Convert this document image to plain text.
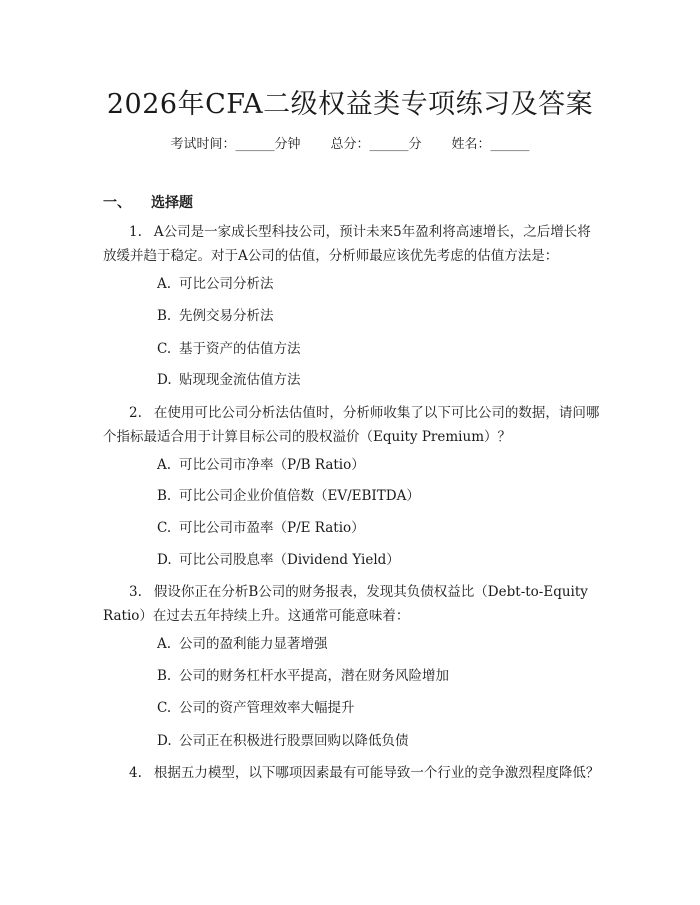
2026年CFA二级权益类专项练习及答案
考试时间：______分钟 总分：______分 姓名：______
一、 选择题
1. A公司是一家成长型科技公司，预计未来5年盈利将高速增长，之后增长将放缓并趋于稳定。对于A公司的估值，分析师最应该优先考虑的估值方法是：
A. 可比公司分析法
B. 先例交易分析法
C. 基于资产的估值方法
D. 贴现现金流估值方法
2. 在使用可比公司分析法估值时，分析师收集了以下可比公司的数据，请问哪个指标最适合用于计算目标公司的股权溢价（Equity Premium）？
A. 可比公司市净率（P/B Ratio）
B. 可比公司企业价值倍数（EV/EBITDA）
C. 可比公司市盈率（P/E Ratio）
D. 可比公司股息率（Dividend Yield）
3. 假设你正在分析B公司的财务报表，发现其负债权益比（Debt-to-Equity Ratio）在过去五年持续上升。这通常可能意味着：
A. 公司的盈利能力显著增强
B. 公司的财务杠杆水平提高，潜在财务风险增加
C. 公司的资产管理效率大幅提升
D. 公司正在积极进行股票回购以降低负债
4. 根据五力模型，以下哪项因素最有可能导致一个行业的竞争激烈程度降低？
